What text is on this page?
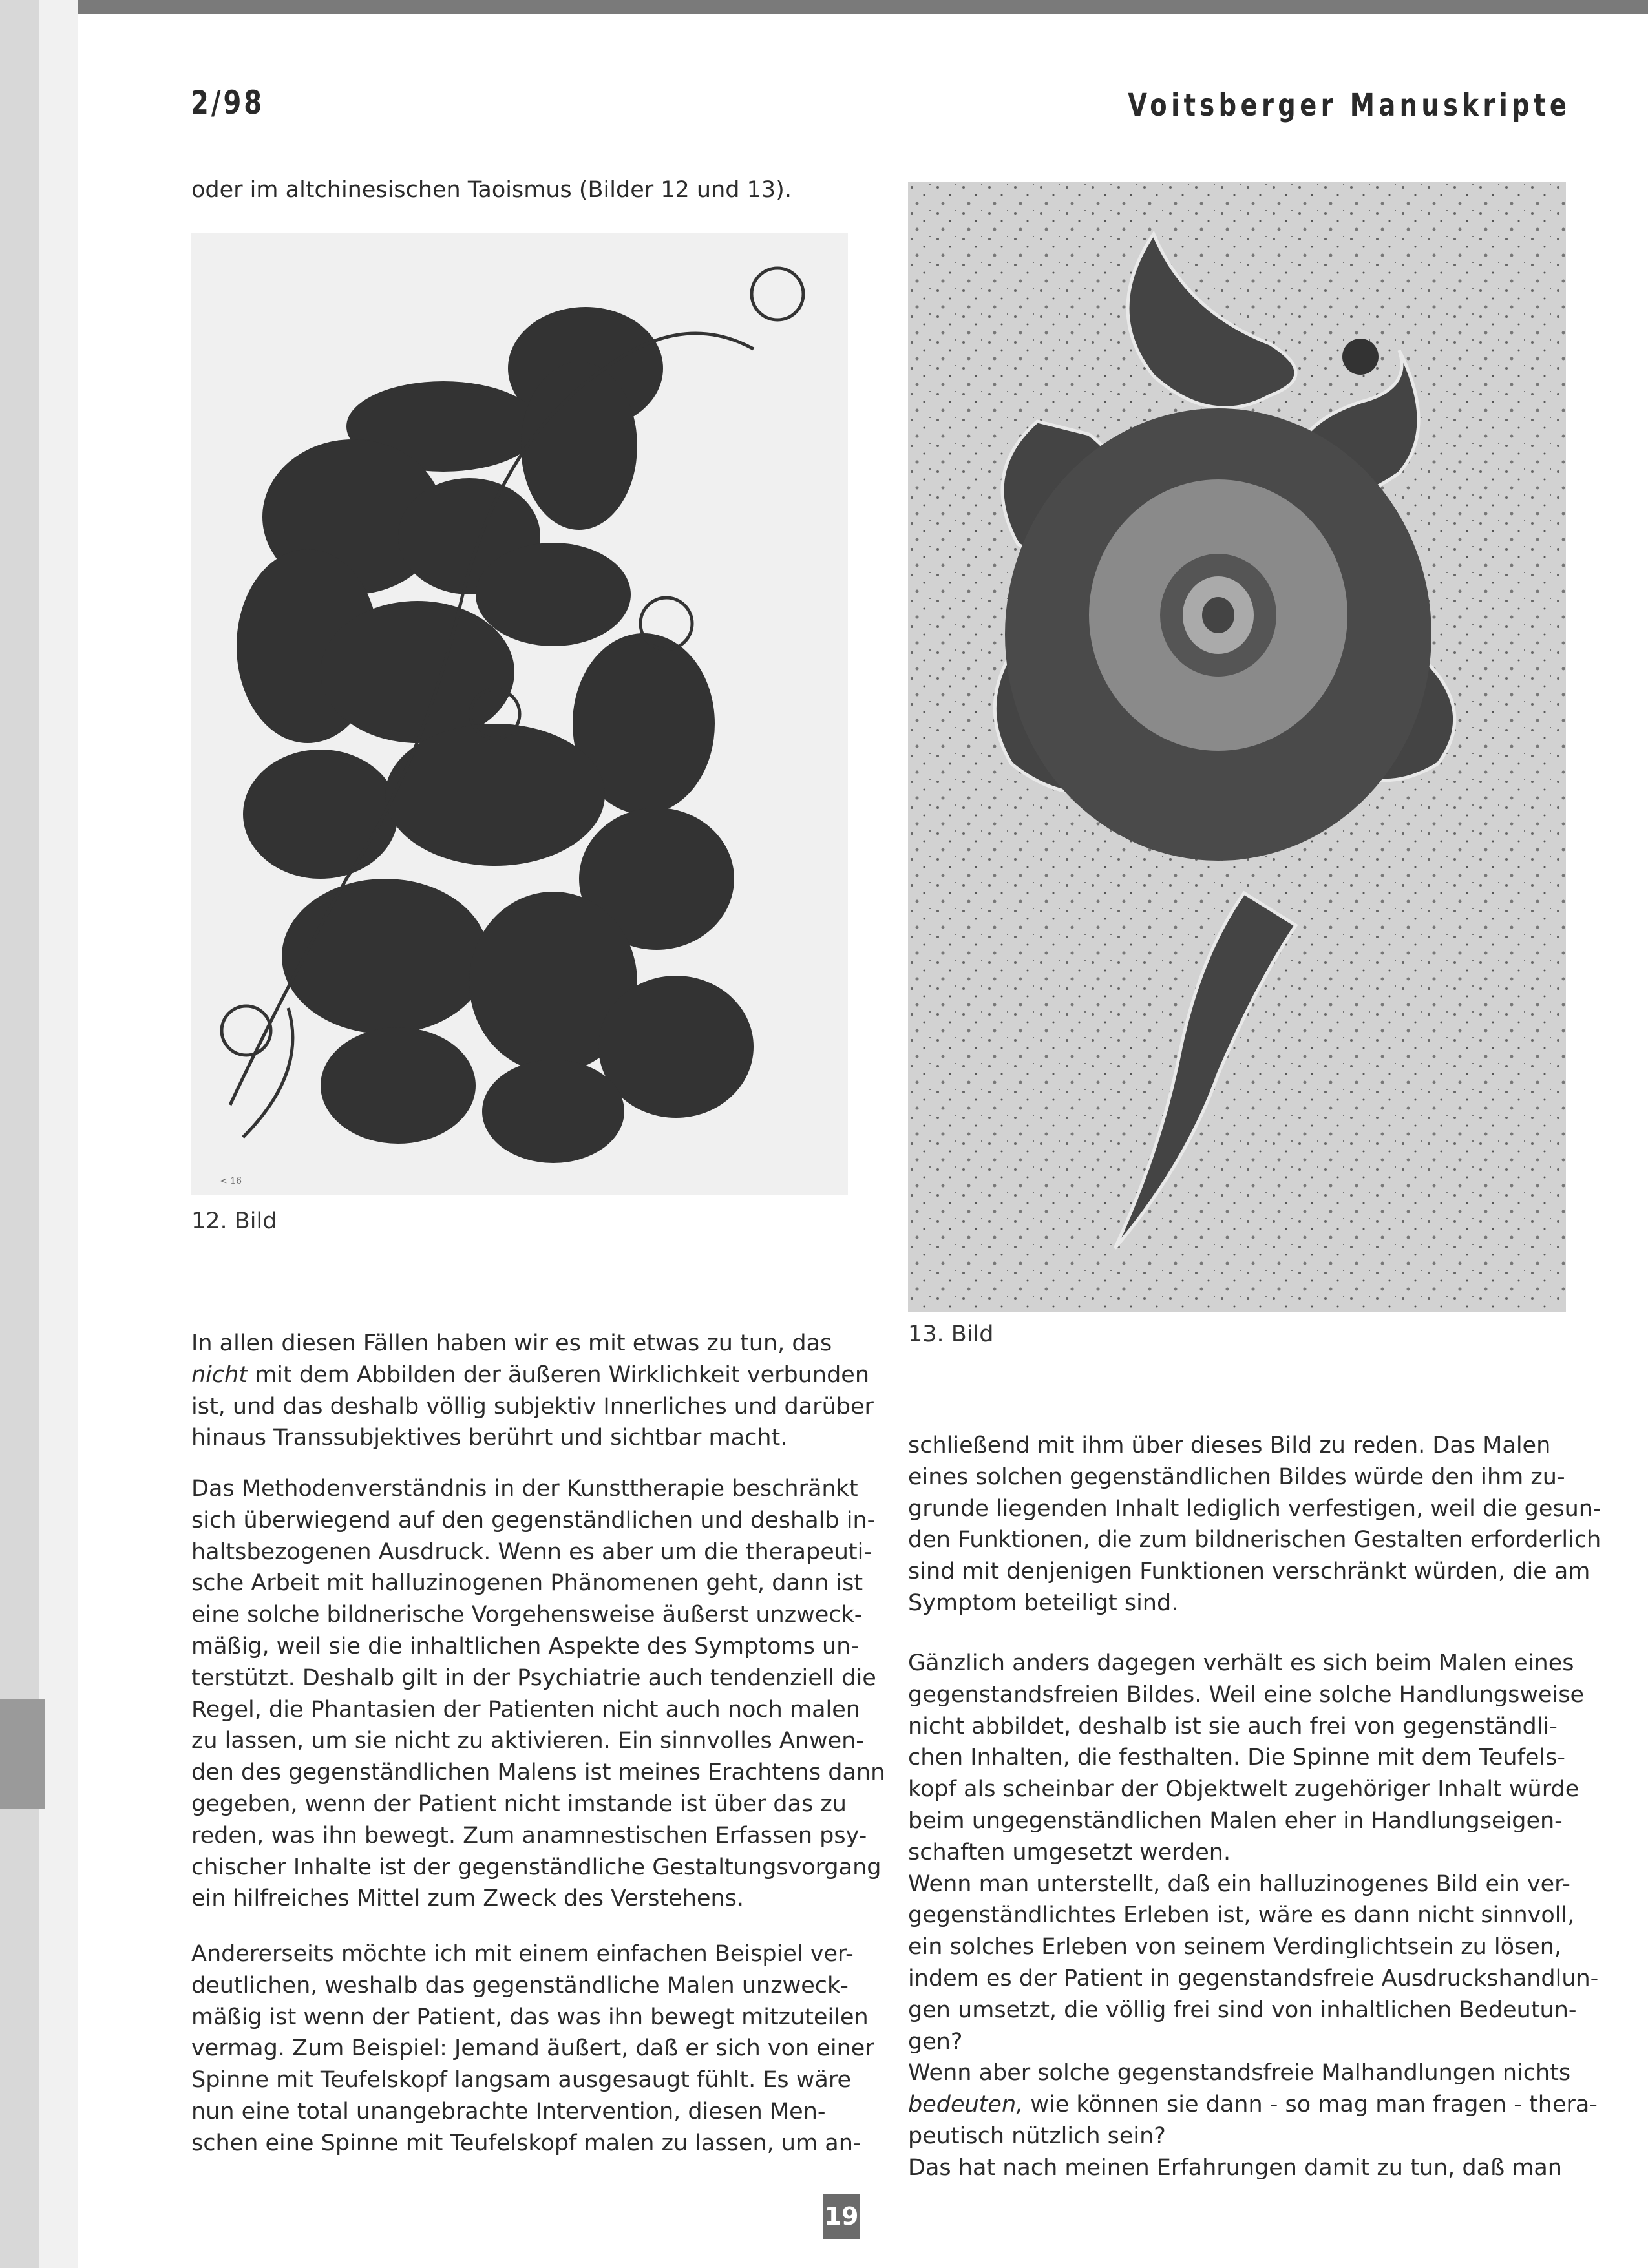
2/98	Voitsberger Manuskripte

oder im altchinesischen Taoismus (Bilder 12 und 13).

< 16
12. Bild
13. Bild

In allen diesen Fällen haben wir es mit etwas zu tun, das
nicht mit dem Abbilden der äußeren Wirklichkeit verbunden
ist, und das deshalb völlig subjektiv Innerliches und darüber
hinaus Transsubjektives berührt und sichtbar macht.

Das Methodenverständnis in der Kunsttherapie beschränkt
sich überwiegend auf den gegenständlichen und deshalb in-
haltsbezogenen Ausdruck. Wenn es aber um die therapeuti-
sche Arbeit mit halluzinogenen Phänomenen geht, dann ist
eine solche bildnerische Vorgehensweise äußerst unzweck-
mäßig, weil sie die inhaltlichen Aspekte des Symptoms un-
terstützt. Deshalb gilt in der Psychiatrie auch tendenziell die
Regel, die Phantasien der Patienten nicht auch noch malen
zu lassen, um sie nicht zu aktivieren. Ein sinnvolles Anwen-
den des gegenständlichen Malens ist meines Erachtens dann
gegeben, wenn der Patient nicht imstande ist über das zu
reden, was ihn bewegt. Zum anamnestischen Erfassen psy-
chischer Inhalte ist der gegenständliche Gestaltungsvorgang
ein hilfreiches Mittel zum Zweck des Verstehens.

Andererseits möchte ich mit einem einfachen Beispiel ver-
deutlichen, weshalb das gegenständliche Malen unzweck-
mäßig ist wenn der Patient, das was ihn bewegt mitzuteilen
vermag. Zum Beispiel: Jemand äußert, daß er sich von einer
Spinne mit Teufelskopf langsam ausgesaugt fühlt. Es wäre
nun eine total unangebrachte Intervention, diesen Men-
schen eine Spinne mit Teufelskopf malen zu lassen, um an-

schließend mit ihm über dieses Bild zu reden. Das Malen
eines solchen gegenständlichen Bildes würde den ihm zu-
grunde liegenden Inhalt lediglich verfestigen, weil die gesun-
den Funktionen, die zum bildnerischen Gestalten erforderlich
sind mit denjenigen Funktionen verschränkt würden, die am
Symptom beteiligt sind.

Gänzlich anders dagegen verhält es sich beim Malen eines
gegenstandsfreien Bildes. Weil eine solche Handlungsweise
nicht abbildet, deshalb ist sie auch frei von gegenständli-
chen Inhalten, die festhalten. Die Spinne mit dem Teufels-
kopf als scheinbar der Objektwelt zugehöriger Inhalt würde
beim ungegenständlichen Malen eher in Handlungseigen-
schaften umgesetzt werden.
Wenn man unterstellt, daß ein halluzinogenes Bild ein ver-
gegenständlichtes Erleben ist, wäre es dann nicht sinnvoll,
ein solches Erleben von seinem Verdinglichtsein zu lösen,
indem es der Patient in gegenstandsfreie Ausdruckshandlun-
gen umsetzt, die völlig frei sind von inhaltlichen Bedeutun-
gen?
Wenn aber solche gegenstandsfreie Malhandlungen nichts
bedeuten, wie können sie dann - so mag man fragen - thera-
peutisch nützlich sein?
Das hat nach meinen Erfahrungen damit zu tun, daß man

19
